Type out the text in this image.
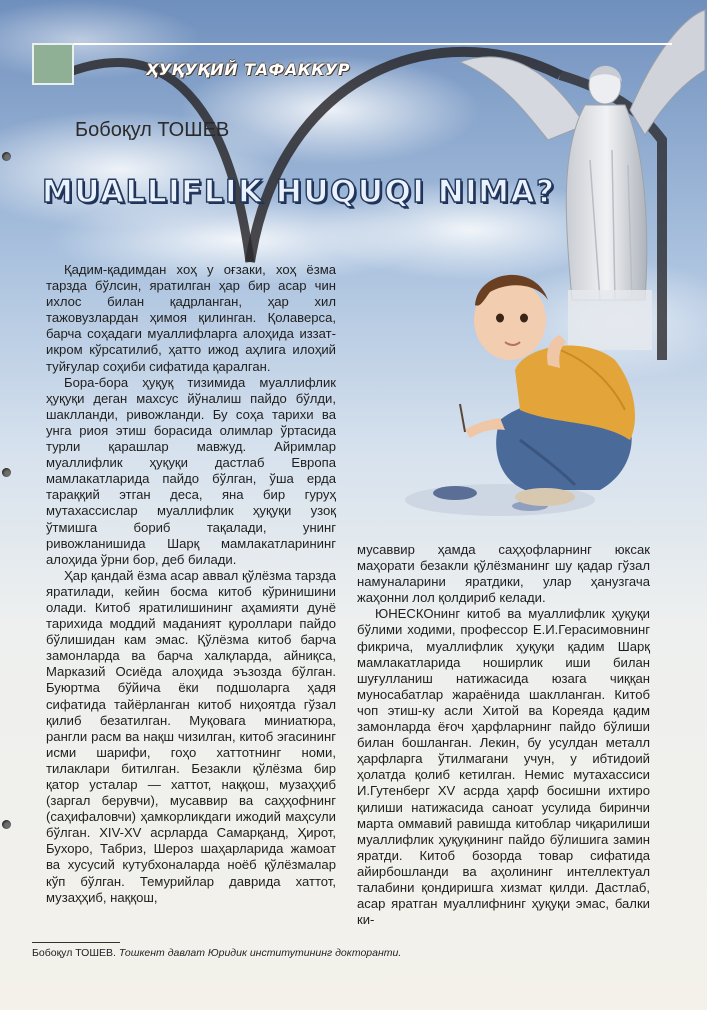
ҲУҚУҚИЙ ТАФАККУР
Бобоқул ТОШЕВ
MUALLIFLIK HUQUQI NIMA?

Қадим-қадимдан хоҳ у оғзаки, хоҳ ёзма тарзда бўлсин, яратилган ҳар бир асар чин ихлос билан қадрланган, ҳар хил тажовузлардан ҳимоя қилинган. Қолаверса, барча соҳадаги муаллифларга алоҳида иззат-икром кўрсатилиб, ҳатто ижод аҳлига илоҳий туйғулар соҳиби сифатида қаралган.

Бора-бора ҳуқуқ тизимида муаллифлик ҳуқуқи деган махсус йўналиш пайдо бўлди, шаклланди, ривожланди. Бу соҳа тарихи ва унга риоя этиш борасида олимлар ўртасида турли қарашлар мавжуд. Айримлар муаллифлик ҳуқуқи дастлаб Европа мамлакатларида пайдо бўлган, ўша ерда тараққий этган деса, яна бир гуруҳ мутахассислар муаллифлик ҳуқуқи узоқ ўтмишга бориб тақалади, унинг ривожланишида Шарқ мамлакатларининг алоҳида ўрни бор, деб билади.

Ҳар қандай ёзма асар аввал қўлёзма тарзда яратилади, кейин босма китоб кўринишини олади. Китоб яратилишининг аҳамияти дунё тарихида моддий маданият қуроллари пайдо бўлишидан кам эмас. Қўлёзма китоб барча замонларда ва барча халқларда, айниқса, Марказий Осиёда алоҳида эъзозда бўлган. Буюртма бўйича ёки подшоларга ҳадя сифатида тайёрланган китоб ниҳоятда гўзал қилиб безатилган. Муқовага миниатюра, рангли расм ва нақш чизилган, китоб эгасининг исми шарифи, гоҳо хаттотнинг номи, тилаклари битилган. Безакли қўлёзма бир қатор усталар — хаттот, наққош, музаҳҳиб (заргал берувчи), мусаввир ва саҳҳофнинг (саҳифаловчи) ҳамкорликдаги ижодий маҳсули бўлган. XIV-XV асрларда Самарқанд, Ҳирот, Бухоро, Табриз, Шероз шаҳарларида жамоат ва хусусий кутубхоналарда ноёб қўлёзмалар кўп бўлган. Темурийлар даврида хаттот, музаҳҳиб, наққош,

мусаввир ҳамда саҳҳофларнинг юксак маҳорати безакли қўлёзманинг шу қадар гўзал намуналарини яратдики, улар ҳанузгача жаҳонни лол қолдириб келади.

ЮНЕСКОнинг китоб ва муаллифлик ҳуқуқи бўлими ходими, профессор Е.И.Герасимовнинг фикрича, муаллифлик ҳуқуқи қадим Шарқ мамлакатларида ноширлик иши билан шуғулланиш натижасида юзага чиққан муносабатлар жараёнида шаклланган. Китоб чоп этиш-ку асли Хитой ва Кореяда қадим замонларда ёғоч ҳарфларнинг пайдо бўлиши билан бошланган. Лекин, бу усулдан металл ҳарфларга ўтилмагани учун, у ибтидоий ҳолатда қолиб кетилган. Немис мутахассиси И.Гутенберг XV асрда ҳарф босишни ихтиро қилиши натижасида саноат усулида биринчи марта оммавий равишда китоблар чиқарилиши муаллифлик ҳуқуқининг пайдо бўлишига замин яратди. Китоб бозорда товар сифатида айирбошланди ва аҳолининг интеллектуал талабини қондиришга хизмат қилди. Дастлаб, асар яратган муаллифнинг ҳуқуқи эмас, балки ки-

Бобоқул ТОШЕВ. Тошкент давлат Юридик институтининг докторанти.
